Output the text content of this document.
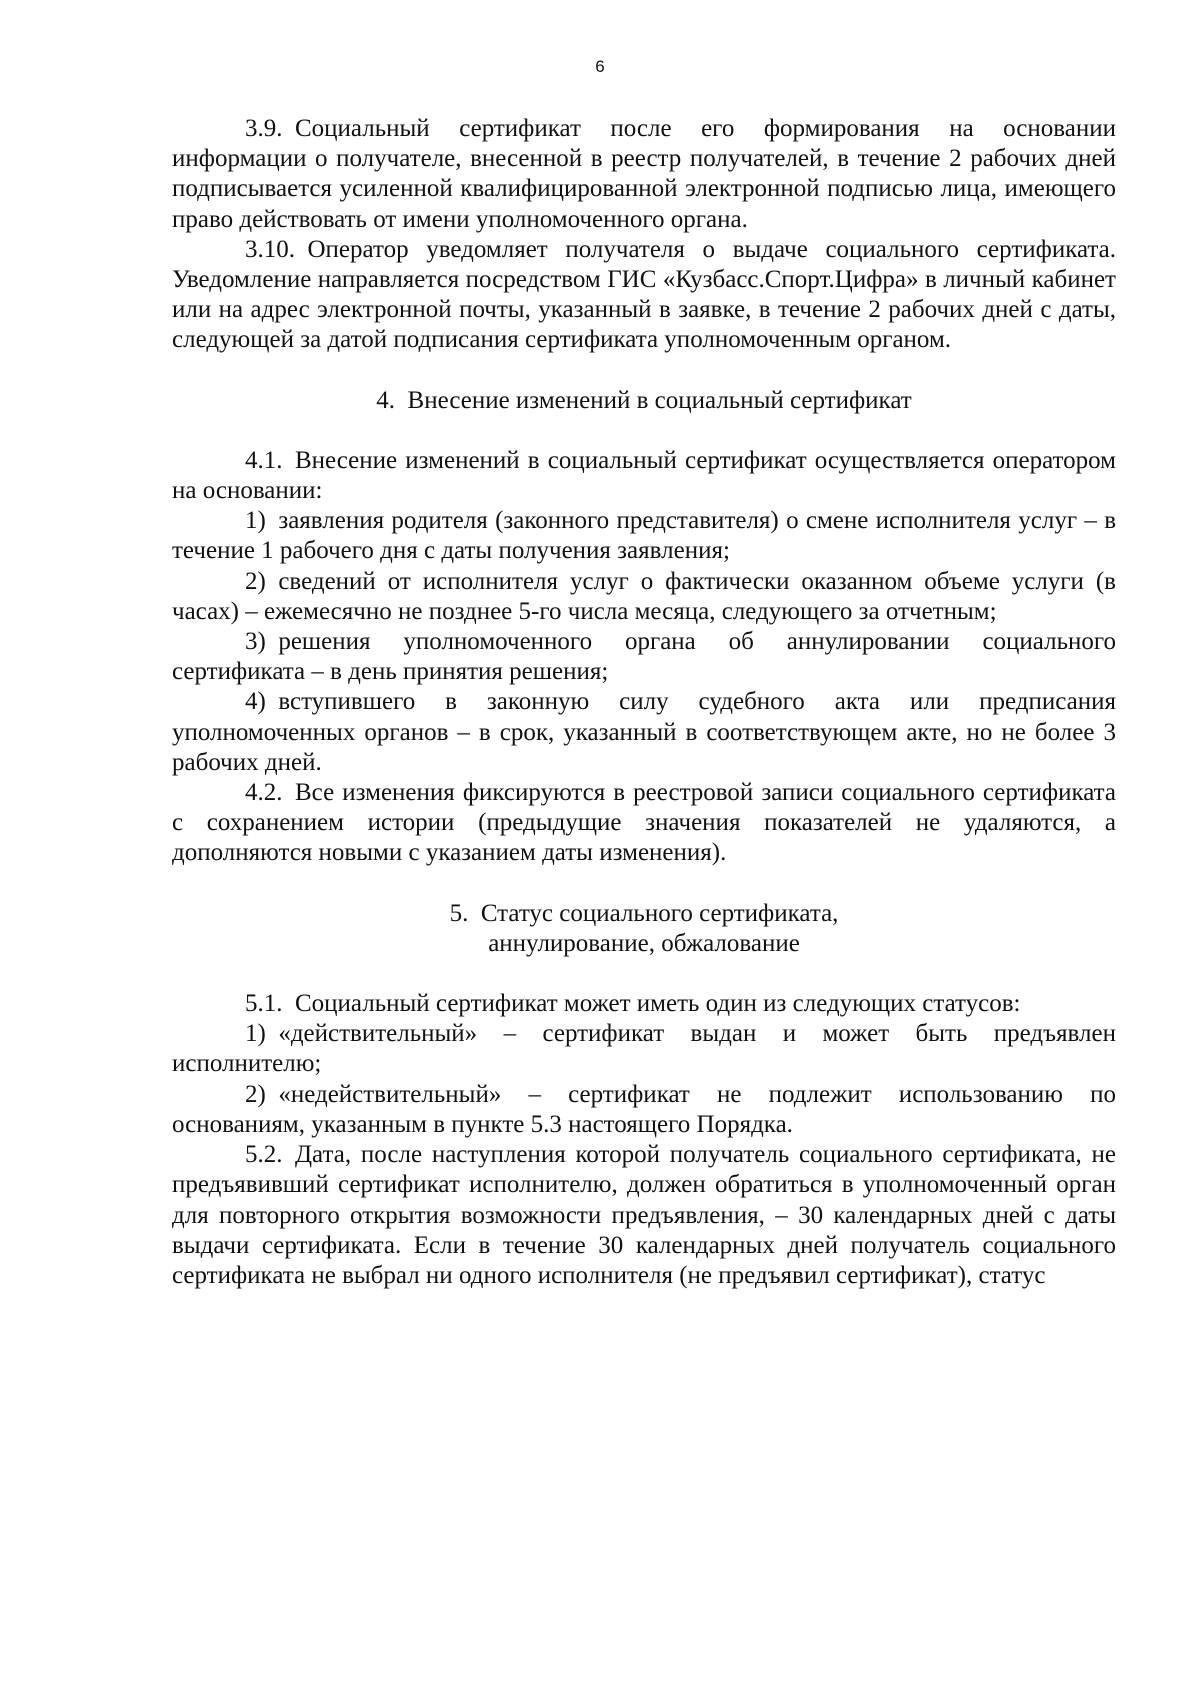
6

3.9. Социальный сертификат после его формирования на основании информации о получателе, внесенной в реестр получателей, в течение 2 рабочих дней подписывается усиленной квалифицированной электронной подписью лица, имеющего право действовать от имени уполномоченного органа.

3.10. Оператор уведомляет получателя о выдаче социального сертификата. Уведомление направляется посредством ГИС «Кузбасс.Спорт.Цифра» в личный кабинет или на адрес электронной почты, указанный в заявке, в течение 2 рабочих дней с даты, следующей за датой подписания сертификата уполномоченным органом.

4. Внесение изменений в социальный сертификат

4.1. Внесение изменений в социальный сертификат осуществляется оператором на основании:

1) заявления родителя (законного представителя) о смене исполнителя услуг – в течение 1 рабочего дня с даты получения заявления;

2) сведений от исполнителя услуг о фактически оказанном объеме услуги (в часах) – ежемесячно не позднее 5-го числа месяца, следующего за отчетным;

3) решения уполномоченного органа об аннулировании социального сертификата – в день принятия решения;

4) вступившего в законную силу судебного акта или предписания уполномоченных органов – в срок, указанный в соответствующем акте, но не более 3 рабочих дней.

4.2. Все изменения фиксируются в реестровой записи социального сертификата с сохранением истории (предыдущие значения показателей не удаляются, а дополняются новыми с указанием даты изменения).

5. Статус социального сертификата,
аннулирование, обжалование

5.1. Социальный сертификат может иметь один из следующих статусов:

1) «действительный» – сертификат выдан и может быть предъявлен исполнителю;

2) «недействительный» – сертификат не подлежит использованию по основаниям, указанным в пункте 5.3 настоящего Порядка.

5.2. Дата, после наступления которой получатель социального сертификата, не предъявивший сертификат исполнителю, должен обратиться в уполномоченный орган для повторного открытия возможности предъявления, – 30 календарных дней с даты выдачи сертификата. Если в течение 30 календарных дней получатель социального сертификата не выбрал ни одного исполнителя (не предъявил сертификат), статус
